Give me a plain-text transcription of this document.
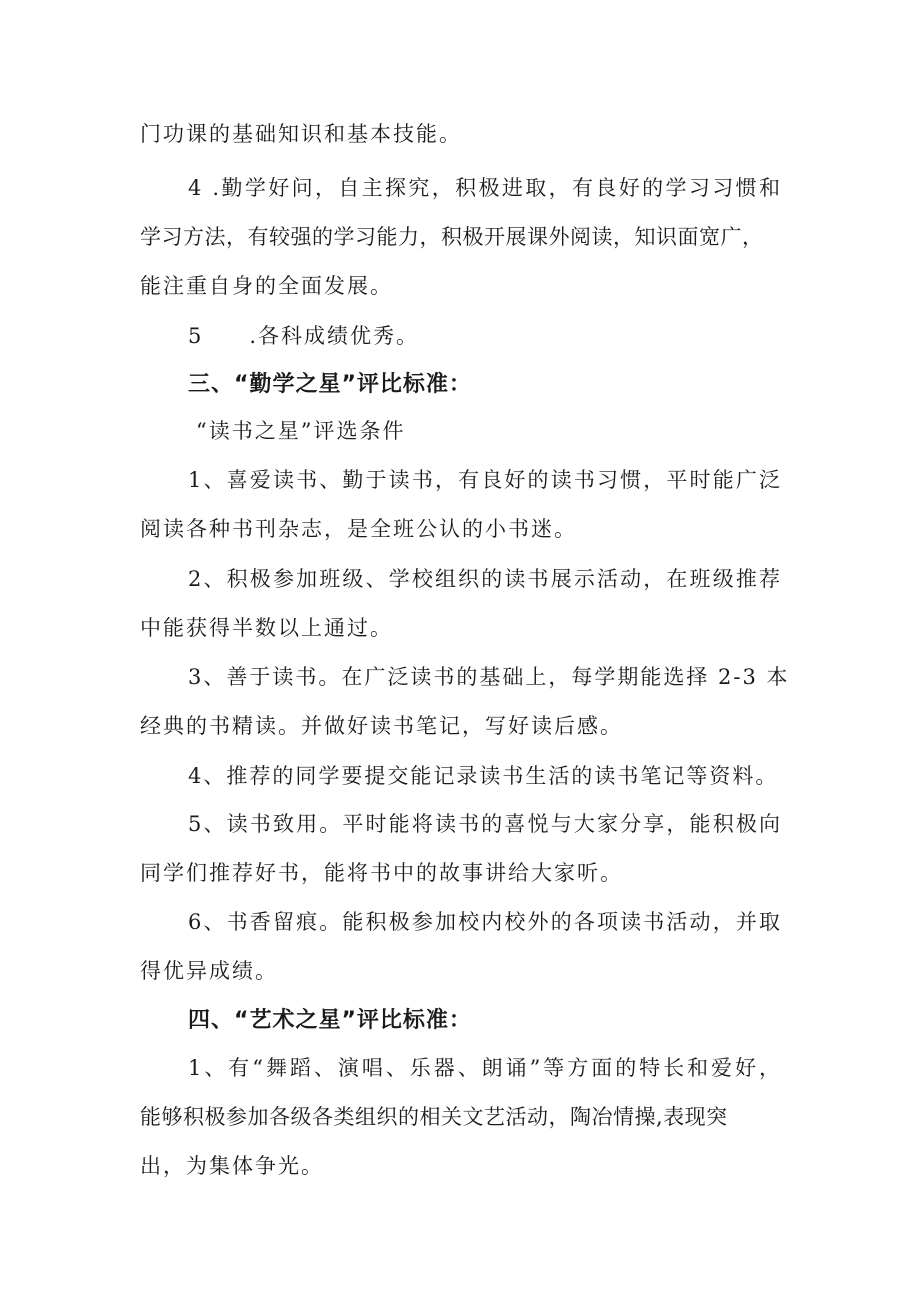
门功课的基础知识和基本技能。
4 .勤学好问，自主探究，积极进取，有良好的学习习惯和
学习方法，有较强的学习能力，积极开展课外阅读，知识面宽广，
能注重自身的全面发展。
5　　.各科成绩优秀。
三、“勤学之星”评比标准：
“读书之星”评选条件
1、喜爱读书、勤于读书，有良好的读书习惯，平时能广泛
阅读各种书刊杂志，是全班公认的小书迷。
2、积极参加班级、学校组织的读书展示活动，在班级推荐
中能获得半数以上通过。
3、善于读书。在广泛读书的基础上，每学期能选择 2-3 本
经典的书精读。并做好读书笔记，写好读后感。
4、推荐的同学要提交能记录读书生活的读书笔记等资料。
5、读书致用。平时能将读书的喜悦与大家分享，能积极向
同学们推荐好书，能将书中的故事讲给大家听。
6、书香留痕。能积极参加校内校外的各项读书活动，并取
得优异成绩。
四、“艺术之星”评比标准：
1、有“舞蹈、演唱、乐器、朗诵”等方面的特长和爱好，
能够积极参加各级各类组织的相关文艺活动，陶冶情操,表现突
出，为集体争光。
